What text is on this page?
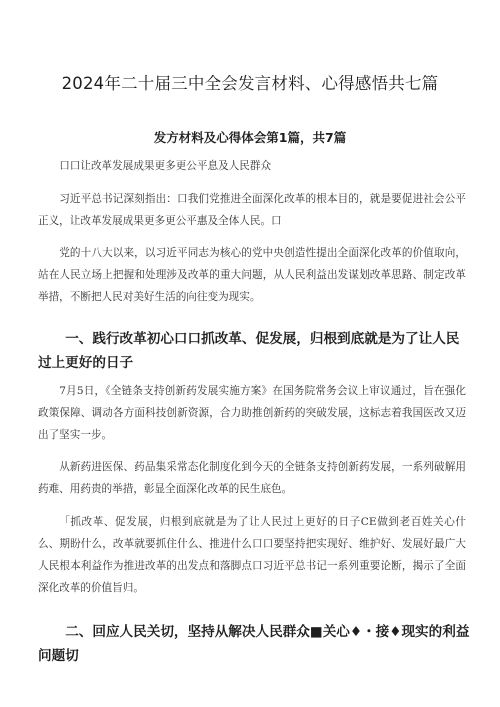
2024年二十届三中全会发言材料、心得感悟共七篇
发方材料及心得体会第1篇，共7篇
口口让改革发展成果更多更公平息及人民群众
习近平总书记深刻指出：口我们党推进全面深化改革的根本目的，就是要促进社会公平正义，让改革发展成果更多更公平惠及全体人民。口
党的十八大以来，以习近平同志为核心的党中央创造性提出全面深化改革的价值取向，站在人民立场上把握和处理涉及改革的重大问题，从人民利益出发谋划改革思路、制定改革举措，不断把人民对美好生活的向往变为现实。
一、践行改革初心口口抓改革、促发展，归根到底就是为了让人民过上更好的日子
7月5日，《全链条支持创新药发展实施方案》在国务院常务会议上审议通过，旨在强化政策保障、调动各方面科技创新资源，合力助推创新药的突破发展，这标志着我国医改又迈出了坚实一步。
从新药进医保、药品集采常态化制度化到今天的全链条支持创新药发展，一系列破解用药难、用药贵的举措，彰显全面深化改革的民生底色。
「抓改革、促发展，归根到底就是为了让人民过上更好的日子CE做到老百姓关心什么、期盼什么，改革就要抓住什么、推进什么口口要坚持把实现好、维护好、发展好最广大人民根本利益作为推进改革的出发点和落脚点口习近平总书记一系列重要论断，揭示了全面深化改革的价值旨归。
二、回应人民关切，坚持从解决人民群众■关心♦・接♦现实的利益问题切
